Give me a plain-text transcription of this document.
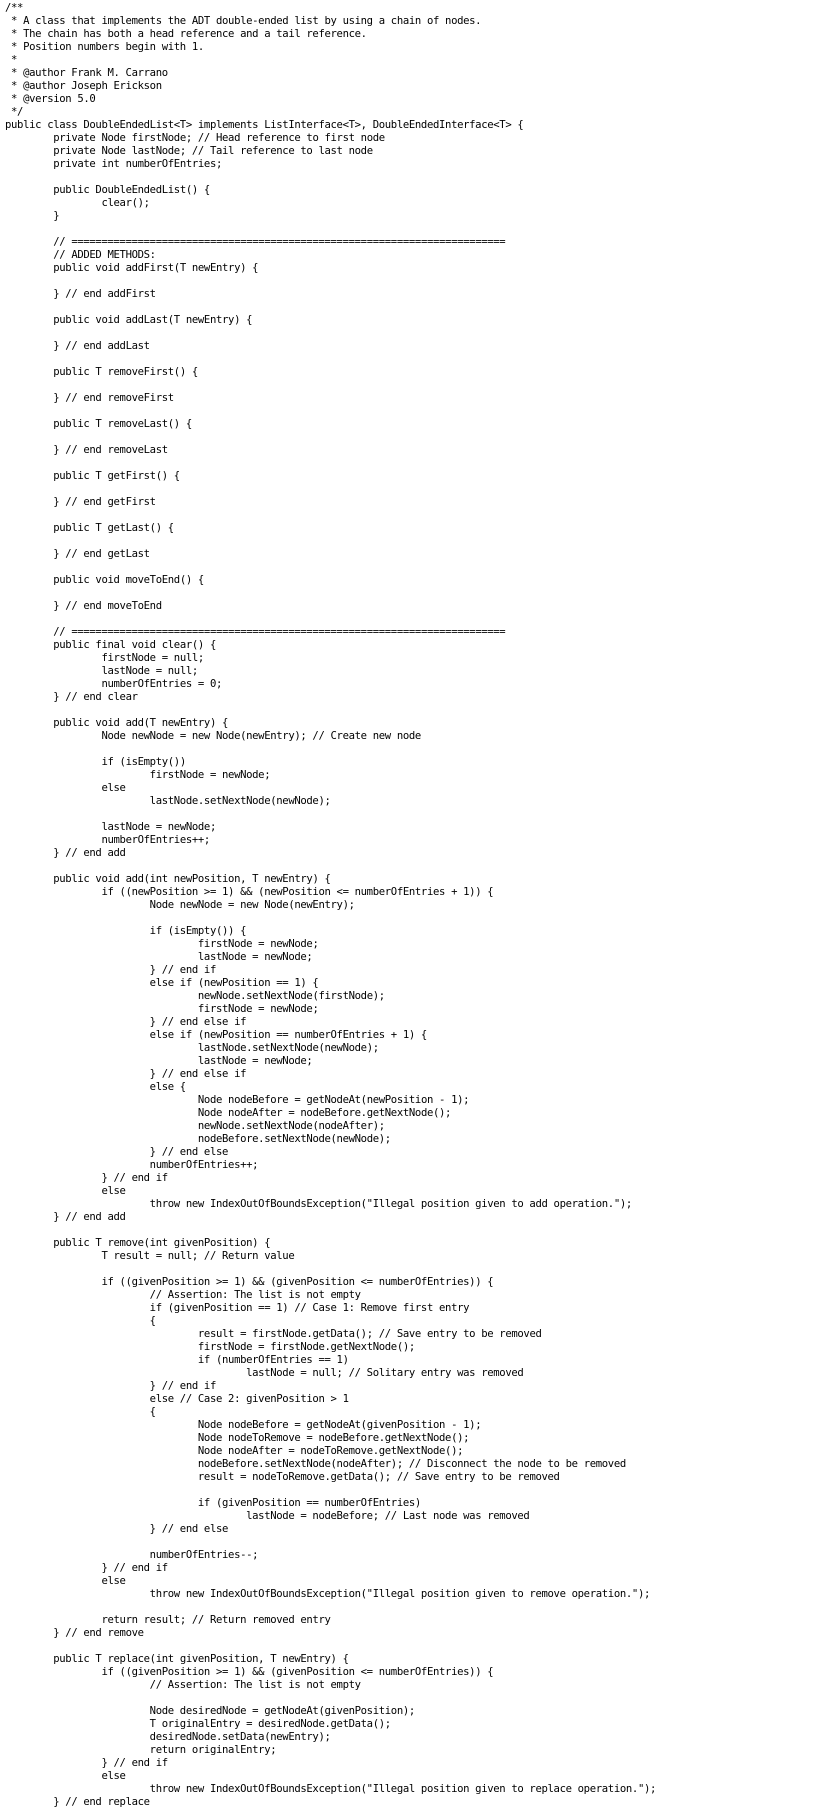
/**
* A class that implements the ADT double-ended list by using a chain of nodes.
* The chain has both a head reference and a tail reference.
* Position numbers begin with 1.
*
* @author Frank M. Carrano
* @author Joseph Erickson
* @version 5.0
*/
public class DoubleEndedList<T> implements ListInterface<T>, DoubleEndedInterface<T> {
	private Node firstNode; // Head reference to first node
	private Node lastNode; // Tail reference to last node
	private int numberOfEntries;
	public DoubleEndedList() {
		clear();
	}
	// ========================================================================
	// ADDED METHODS:
	public void addFirst(T newEntry) {
	} // end addFirst
	public void addLast(T newEntry) {
	} // end addLast
	public T removeFirst() {
	} // end removeFirst
	public T removeLast() {
	} // end removeLast
	public T getFirst() {
	} // end getFirst
	public T getLast() {
	} // end getLast
	public void moveToEnd() {
	} // end moveToEnd
	// ========================================================================
	public final void clear() {
		firstNode = null;
		lastNode = null;
		numberOfEntries = 0;
	} // end clear
	public void add(T newEntry) {
		Node newNode = new Node(newEntry); // Create new node
		if (isEmpty())
			firstNode = newNode;
		else
			lastNode.setNextNode(newNode);
		lastNode = newNode;
		numberOfEntries++;
	} // end add
	public void add(int newPosition, T newEntry) {
		if ((newPosition >= 1) && (newPosition <= numberOfEntries + 1)) {
			Node newNode = new Node(newEntry);
			if (isEmpty()) {
				firstNode = newNode;
				lastNode = newNode;
			} // end if
			else if (newPosition == 1) {
				newNode.setNextNode(firstNode);
				firstNode = newNode;
			} // end else if
			else if (newPosition == numberOfEntries + 1) {
				lastNode.setNextNode(newNode);
				lastNode = newNode;
			} // end else if
			else {
				Node nodeBefore = getNodeAt(newPosition - 1);
				Node nodeAfter = nodeBefore.getNextNode();
				newNode.setNextNode(nodeAfter);
				nodeBefore.setNextNode(newNode);
			} // end else
			numberOfEntries++;
		} // end if
		else
			throw new IndexOutOfBoundsException("Illegal position given to add operation.");
	} // end add
	public T remove(int givenPosition) {
		T result = null; // Return value
		if ((givenPosition >= 1) && (givenPosition <= numberOfEntries)) {
			// Assertion: The list is not empty
			if (givenPosition == 1) // Case 1: Remove first entry
			{
				result = firstNode.getData(); // Save entry to be removed
				firstNode = firstNode.getNextNode();
				if (numberOfEntries == 1)
					lastNode = null; // Solitary entry was removed
			} // end if
			else // Case 2: givenPosition > 1
			{
				Node nodeBefore = getNodeAt(givenPosition - 1);
				Node nodeToRemove = nodeBefore.getNextNode();
				Node nodeAfter = nodeToRemove.getNextNode();
				nodeBefore.setNextNode(nodeAfter); // Disconnect the node to be removed
				result = nodeToRemove.getData(); // Save entry to be removed
				if (givenPosition == numberOfEntries)
					lastNode = nodeBefore; // Last node was removed
			} // end else
			numberOfEntries--;
		} // end if
		else
			throw new IndexOutOfBoundsException("Illegal position given to remove operation.");
		return result; // Return removed entry
	} // end remove
	public T replace(int givenPosition, T newEntry) {
		if ((givenPosition >= 1) && (givenPosition <= numberOfEntries)) {
			// Assertion: The list is not empty
			Node desiredNode = getNodeAt(givenPosition);
			T originalEntry = desiredNode.getData();
			desiredNode.setData(newEntry);
			return originalEntry;
		} // end if
		else
			throw new IndexOutOfBoundsException("Illegal position given to replace operation.");
	} // end replace
